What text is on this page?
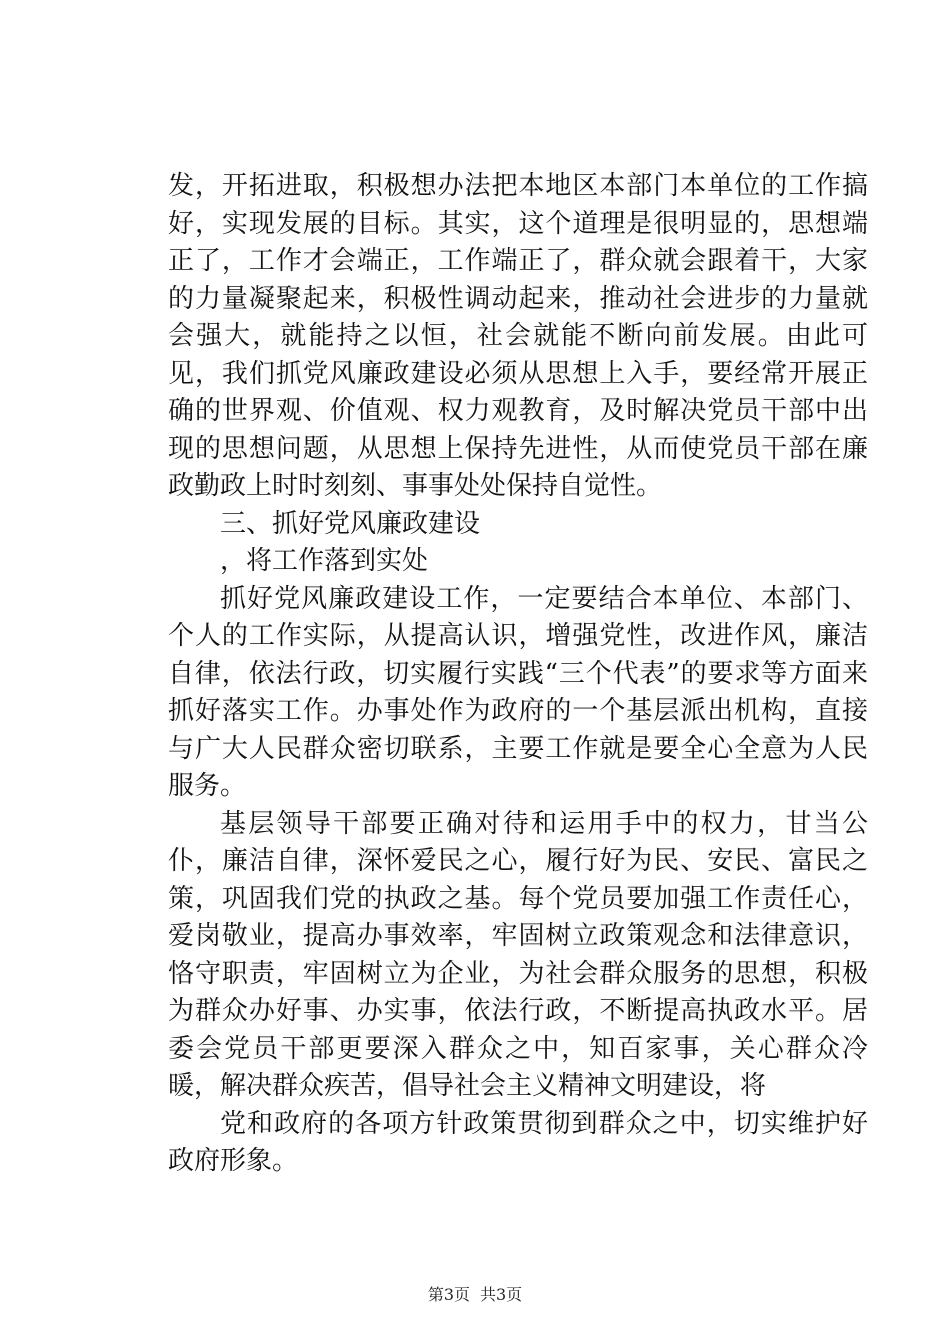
发，开拓进取，积极想办法把本地区本部门本单位的工作搞好，实现发展的目标。其实，这个道理是很明显的，思想端正了，工作才会端正，工作端正了，群众就会跟着干，大家的力量凝聚起来，积极性调动起来，推动社会进步的力量就会强大，就能持之以恒，社会就能不断向前发展。由此可见，我们抓党风廉政建设必须从思想上入手，要经常开展正确的世界观、价值观、权力观教育，及时解决党员干部中出现的思想问题，从思想上保持先进性，从而使党员干部在廉政勤政上时时刻刻、事事处处保持自觉性。

三、抓好党风廉政建设

，将工作落到实处

抓好党风廉政建设工作，一定要结合本单位、本部门、个人的工作实际，从提高认识，增强党性，改进作风，廉洁自律，依法行政，切实履行实践“三个代表”的要求等方面来抓好落实工作。办事处作为政府的一个基层派出机构，直接与广大人民群众密切联系，主要工作就是要全心全意为人民服务。

基层领导干部要正确对待和运用手中的权力，甘当公仆，廉洁自律，深怀爱民之心，履行好为民、安民、富民之策，巩固我们党的执政之基。每个党员要加强工作责任心，爱岗敬业，提高办事效率，牢固树立政策观念和法律意识，恪守职责，牢固树立为企业，为社会群众服务的思想，积极为群众办好事、办实事，依法行政，不断提高执政水平。居委会党员干部更要深入群众之中，知百家事，关心群众冷暖，解决群众疾苦，倡导社会主义精神文明建设，将

党和政府的各项方针政策贯彻到群众之中，切实维护好政府形象。

第3页 共3页
